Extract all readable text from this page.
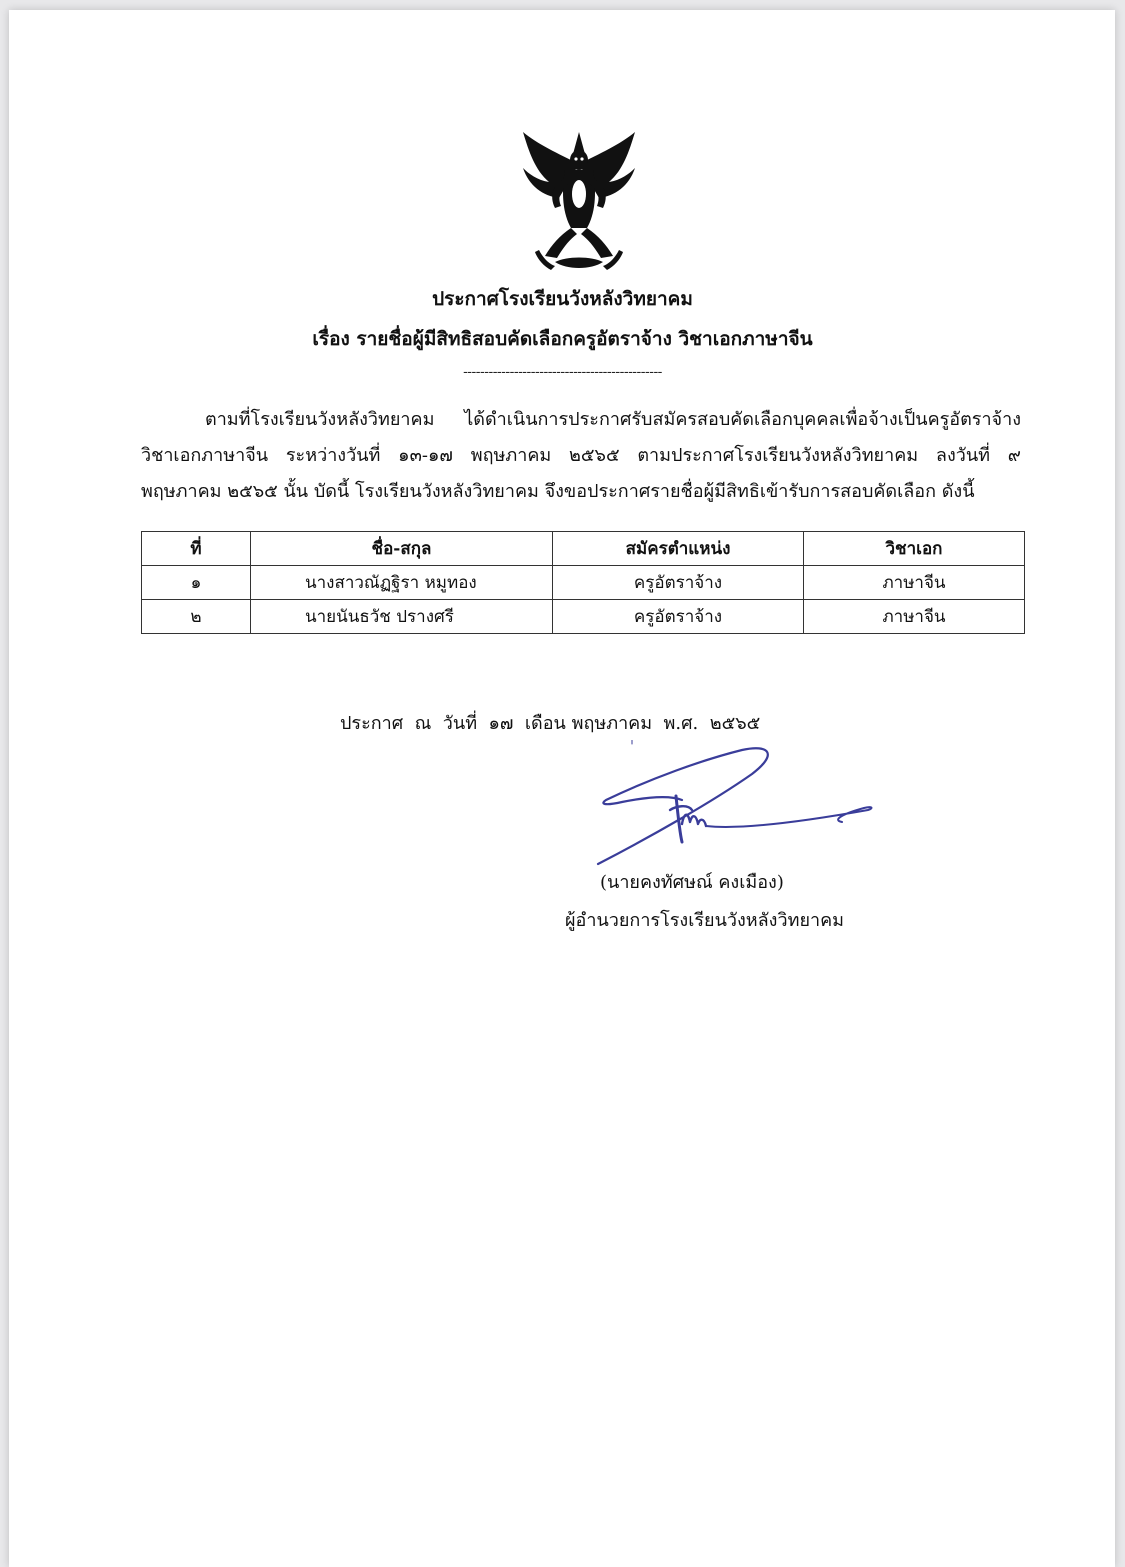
ประกาศโรงเรียนวังหลังวิทยาคม
เรื่อง รายชื่อผู้มีสิทธิสอบคัดเลือกครูอัตราจ้าง วิชาเอกภาษาจีน
-----------------------------------------------
ตามที่โรงเรียนวังหลังวิทยาคม ได้ดำเนินการประกาศรับสมัครสอบคัดเลือกบุคคลเพื่อจ้างเป็นครูอัตราจ้าง วิชาเอกภาษาจีน ระหว่างวันที่ ๑๓-๑๗ พฤษภาคม ๒๕๖๕ ตามประกาศโรงเรียนวังหลังวิทยาคม ลงวันที่ ๙ พฤษภาคม ๒๕๖๕ นั้น บัดนี้ โรงเรียนวังหลังวิทยาคม จึงขอประกาศรายชื่อผู้มีสิทธิเข้ารับการสอบคัดเลือก ดังนี้
ที่	ชื่อ-สกุล	สมัครตำแหน่ง	วิชาเอก
๑	นางสาวณัฏฐิรา หมูทอง	ครูอัตราจ้าง	ภาษาจีน
๒	นายนันธวัช ปรางศรี	ครูอัตราจ้าง	ภาษาจีน
ประกาศ  ณ  วันที่  ๑๗  เดือน พฤษภาคม  พ.ศ.  ๒๕๖๕
(นายคงทัศษณ์ คงเมือง)
ผู้อำนวยการโรงเรียนวังหลังวิทยาคม
